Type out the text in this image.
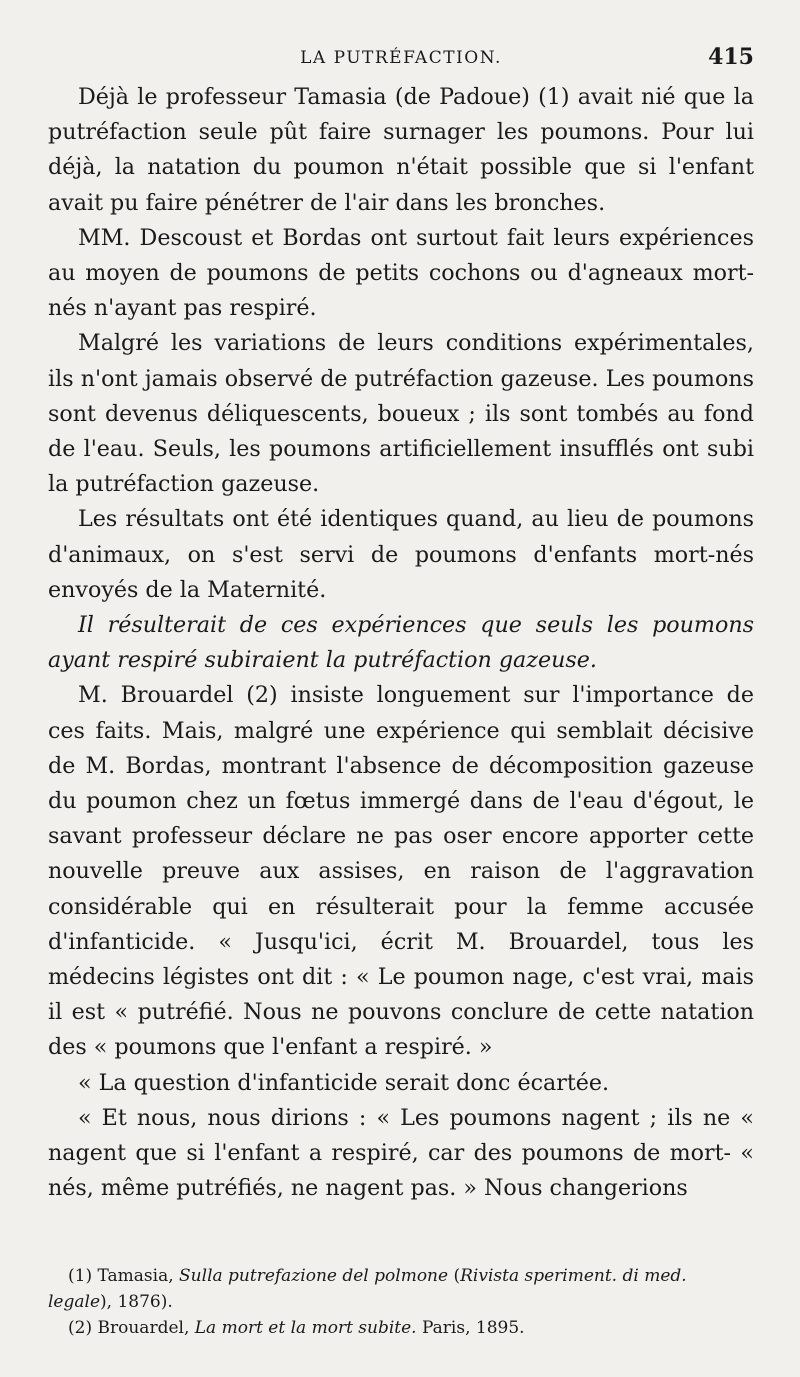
LA PUTRÉFACTION.	415

Déjà le professeur Tamasia (de Padoue) (1) avait nié que la putréfaction seule pût faire surnager les poumons. Pour lui déjà, la natation du poumon n'était possible que si l'enfant avait pu faire pénétrer de l'air dans les bronches.

MM. Descoust et Bordas ont surtout fait leurs expériences au moyen de poumons de petits cochons ou d'agneaux mort-nés n'ayant pas respiré.

Malgré les variations de leurs conditions expérimentales, ils n'ont jamais observé de putréfaction gazeuse. Les poumons sont devenus déliquescents, boueux ; ils sont tombés au fond de l'eau. Seuls, les poumons artificiellement insufflés ont subi la putréfaction gazeuse.

Les résultats ont été identiques quand, au lieu de poumons d'animaux, on s'est servi de poumons d'enfants mort-nés envoyés de la Maternité.

Il résulterait de ces expériences que seuls les poumons ayant respiré subiraient la putréfaction gazeuse.

M. Brouardel (2) insiste longuement sur l'importance de ces faits. Mais, malgré une expérience qui semblait décisive de M. Bordas, montrant l'absence de décomposition gazeuse du poumon chez un fœtus immergé dans de l'eau d'égout, le savant professeur déclare ne pas oser encore apporter cette nouvelle preuve aux assises, en raison de l'aggravation considérable qui en résulterait pour la femme accusée d'infanticide. « Jusqu'ici, écrit M. Brouardel, tous les médecins légistes ont dit : « Le poumon nage, c'est vrai, mais il est « putréfié. Nous ne pouvons conclure de cette natation des « poumons que l'enfant a respiré. »

« La question d'infanticide serait donc écartée.

« Et nous, nous dirions : « Les poumons nagent ; ils ne « nagent que si l'enfant a respiré, car des poumons de mort- « nés, même putréfiés, ne nagent pas. » Nous changerions

(1) Tamasia, Sulla putrefazione del polmone (Rivista speriment. di med. legale), 1876).

(2) Brouardel, La mort et la mort subite. Paris, 1895.
